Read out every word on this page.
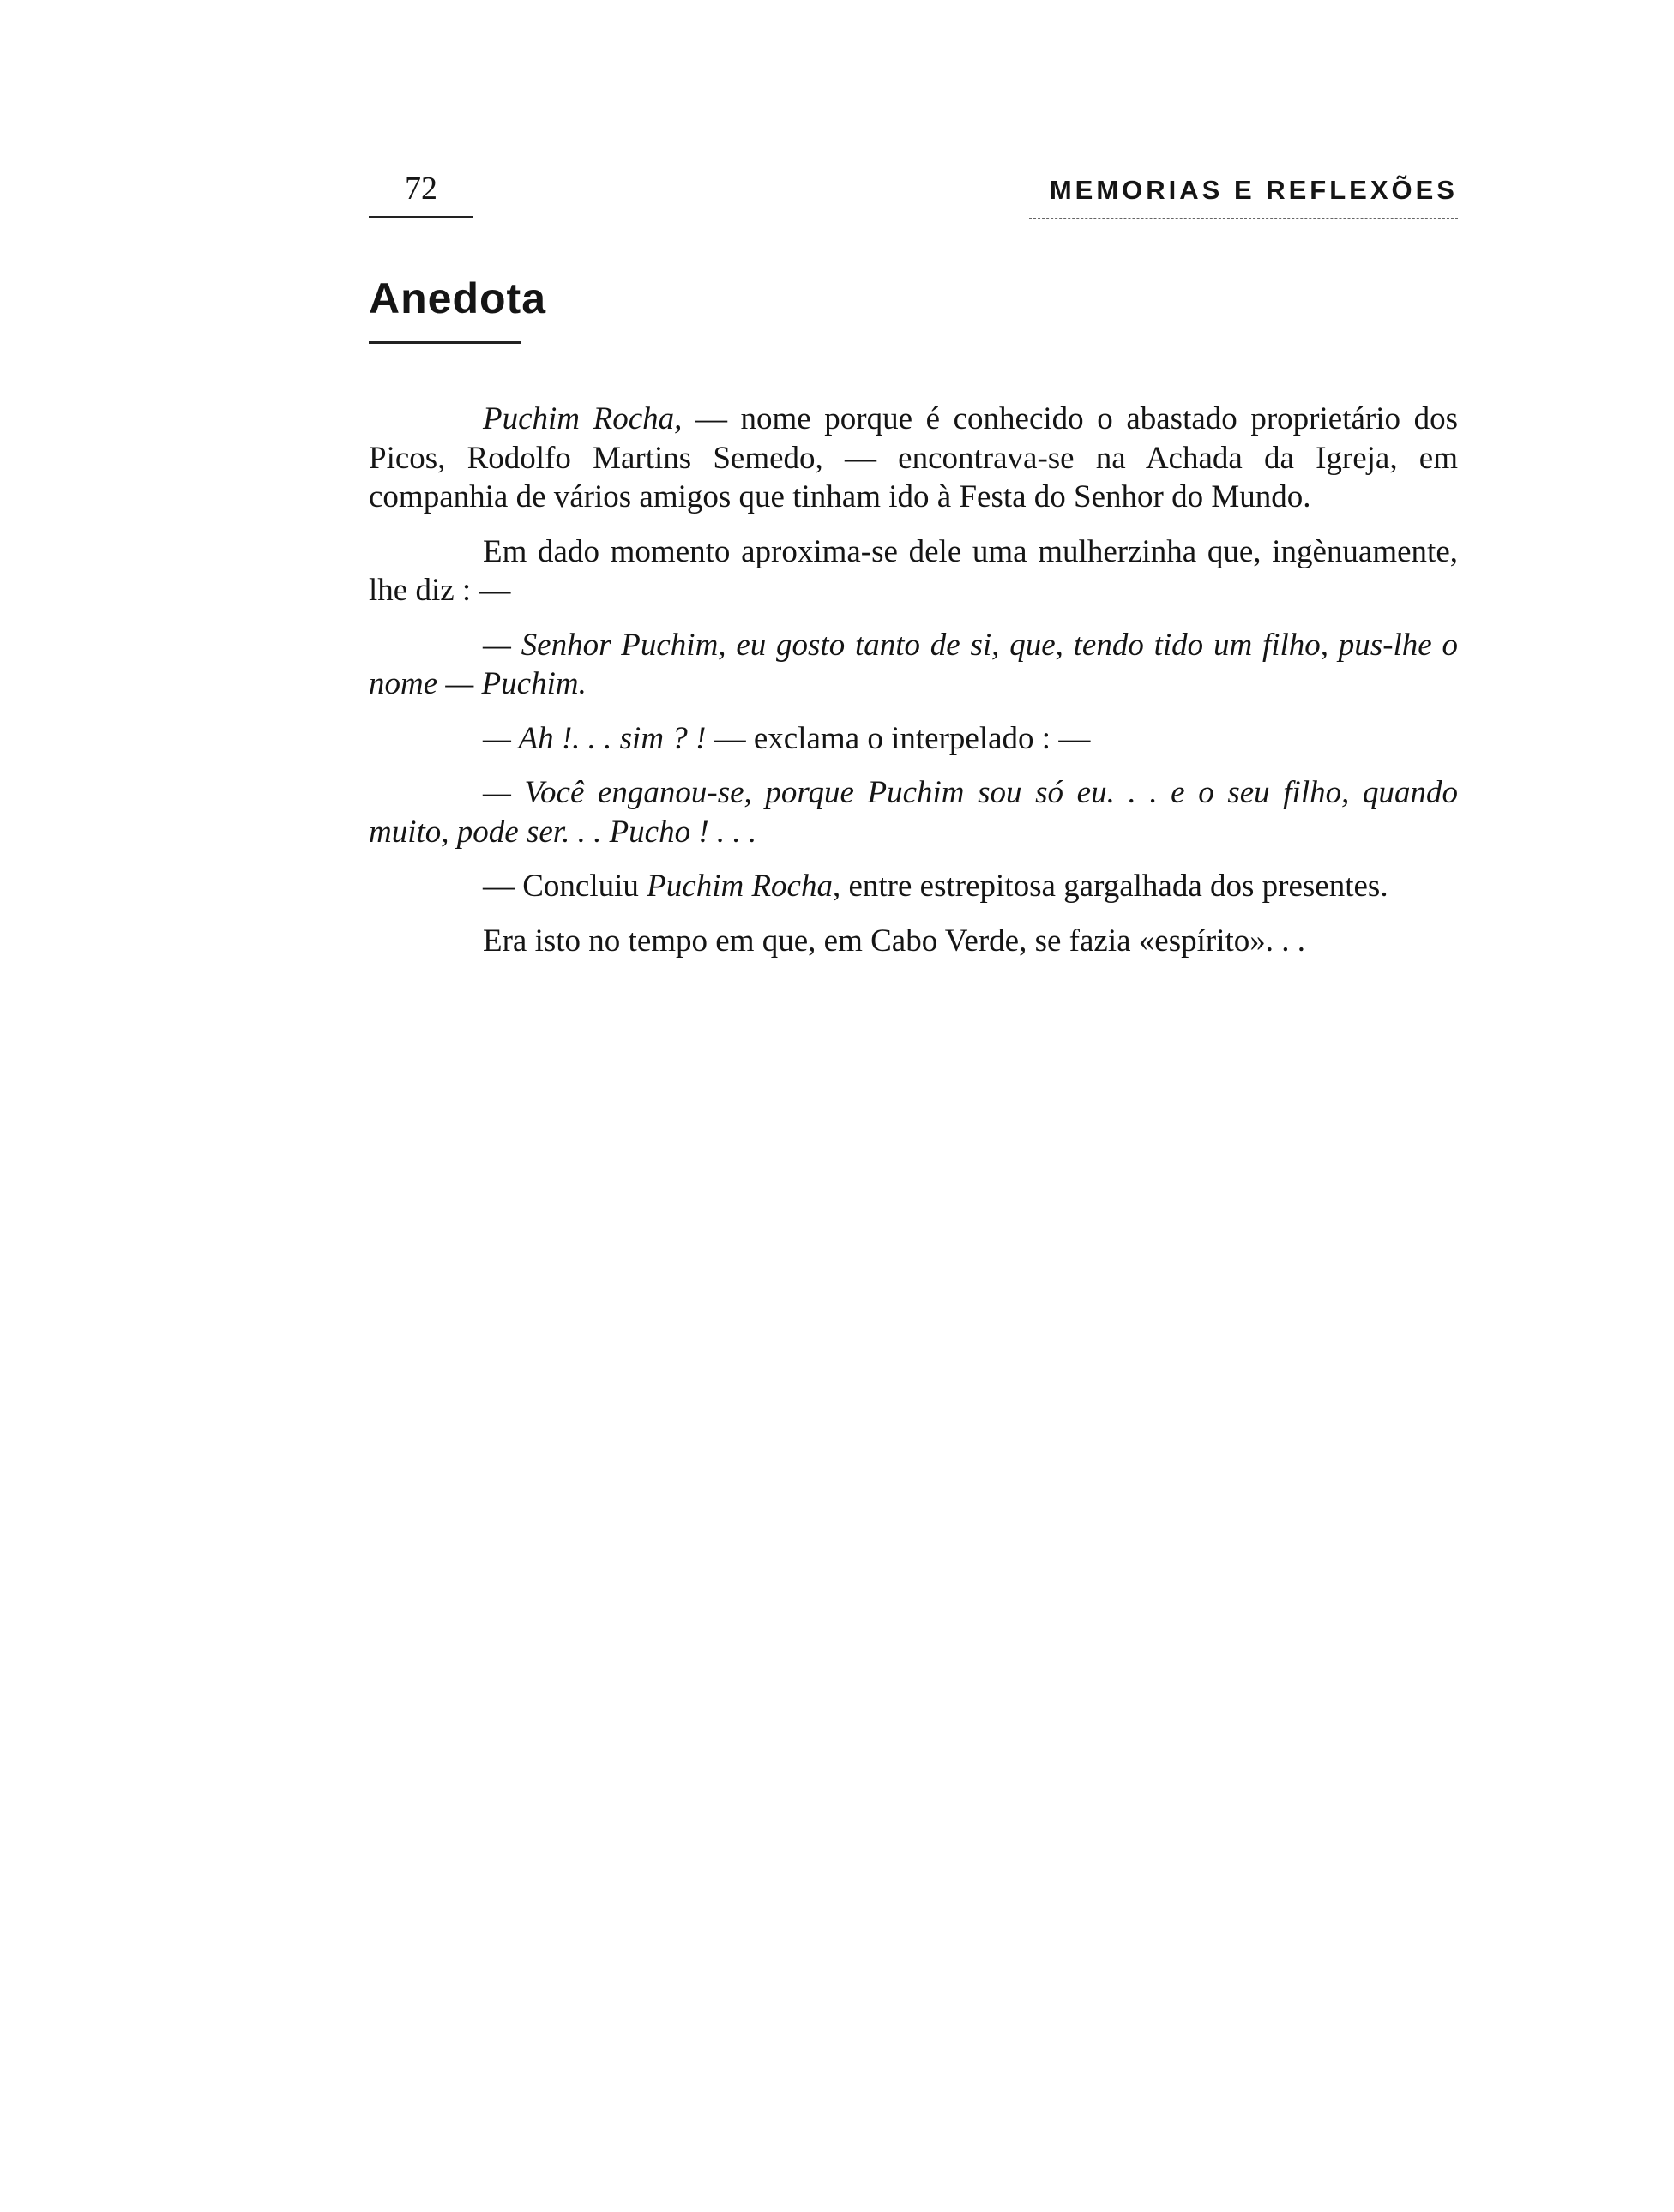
72	MEMORIAS E REFLEXÕES
Anedota

Puchim Rocha, — nome porque é conhecido o abastado proprietário dos Picos, Rodolfo Martins Semedo, — encontrava-se na Achada da Igreja, em companhia de vários amigos que tinham ido à Festa do Senhor do Mundo.

Em dado momento aproxima-se dele uma mulherzinha que, ingènuamente, lhe diz : —

— Senhor Puchim, eu gosto tanto de si, que, tendo tido um filho, pus-lhe o nome — Puchim.

— Ah !. . . sim ? ! — exclama o interpelado : —

— Você enganou-se, porque Puchim sou só eu. . . e o seu filho, quando muito, pode ser. . . Pucho ! . . .

— Concluiu Puchim Rocha, entre estrepitosa gargalhada dos presentes.

Era isto no tempo em que, em Cabo Verde, se fazia «espírito». . .
